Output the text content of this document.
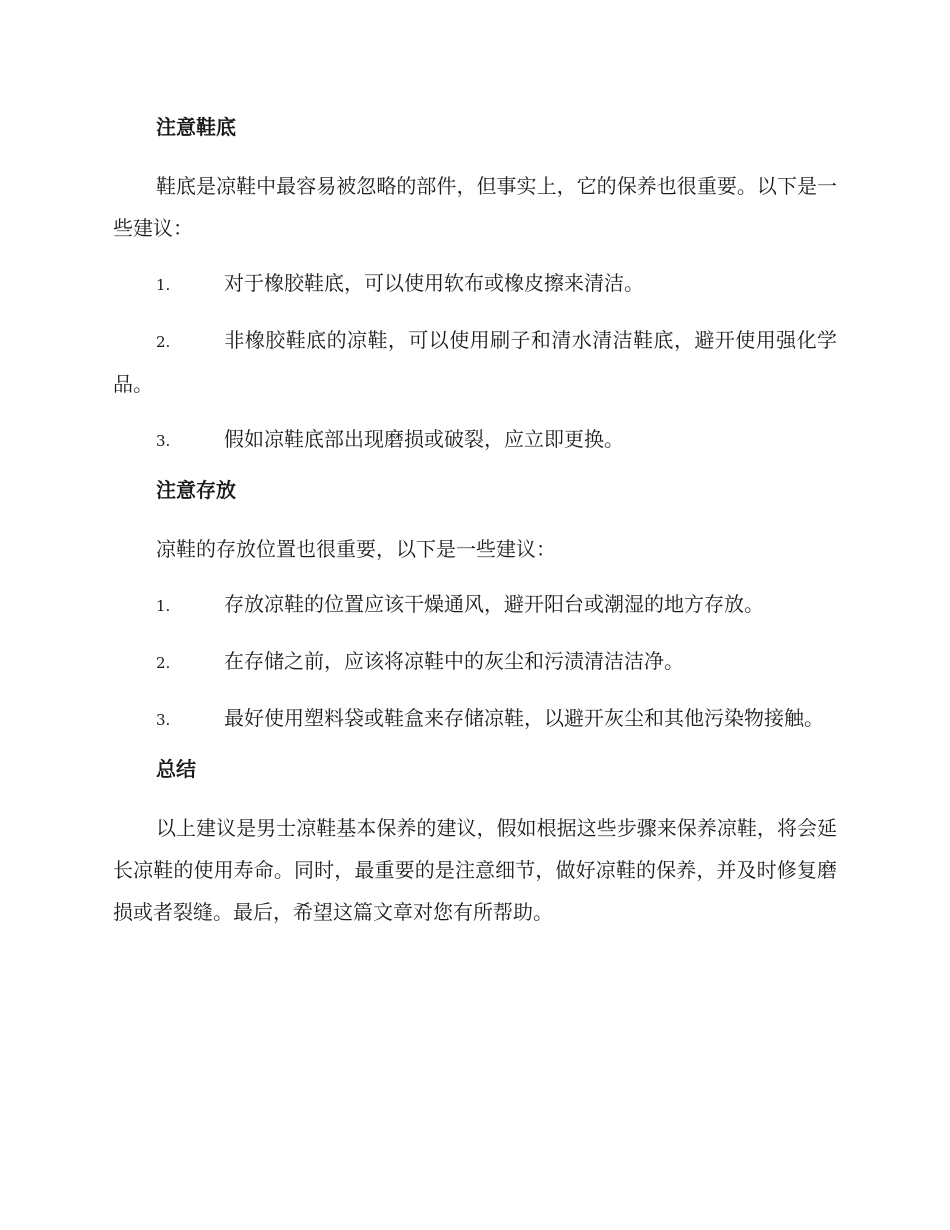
注意鞋底

鞋底是凉鞋中最容易被忽略的部件，但事实上，它的保养也很重要。以下是一些建议：

1.	对于橡胶鞋底，可以使用软布或橡皮擦来清洁。
2.	非橡胶鞋底的凉鞋，可以使用刷子和清水清洁鞋底，避开使用强化学品。
3.	假如凉鞋底部出现磨损或破裂，应立即更换。
注意存放

凉鞋的存放位置也很重要，以下是一些建议：

1.	存放凉鞋的位置应该干燥通风，避开阳台或潮湿的地方存放。
2.	在存储之前，应该将凉鞋中的灰尘和污渍清洁洁净。
3.	最好使用塑料袋或鞋盒来存储凉鞋，以避开灰尘和其他污染物接触。
总结

以上建议是男士凉鞋基本保养的建议，假如根据这些步骤来保养凉鞋，将会延长凉鞋的使用寿命。同时，最重要的是注意细节，做好凉鞋的保养，并及时修复磨损或者裂缝。最后，希望这篇文章对您有所帮助。
